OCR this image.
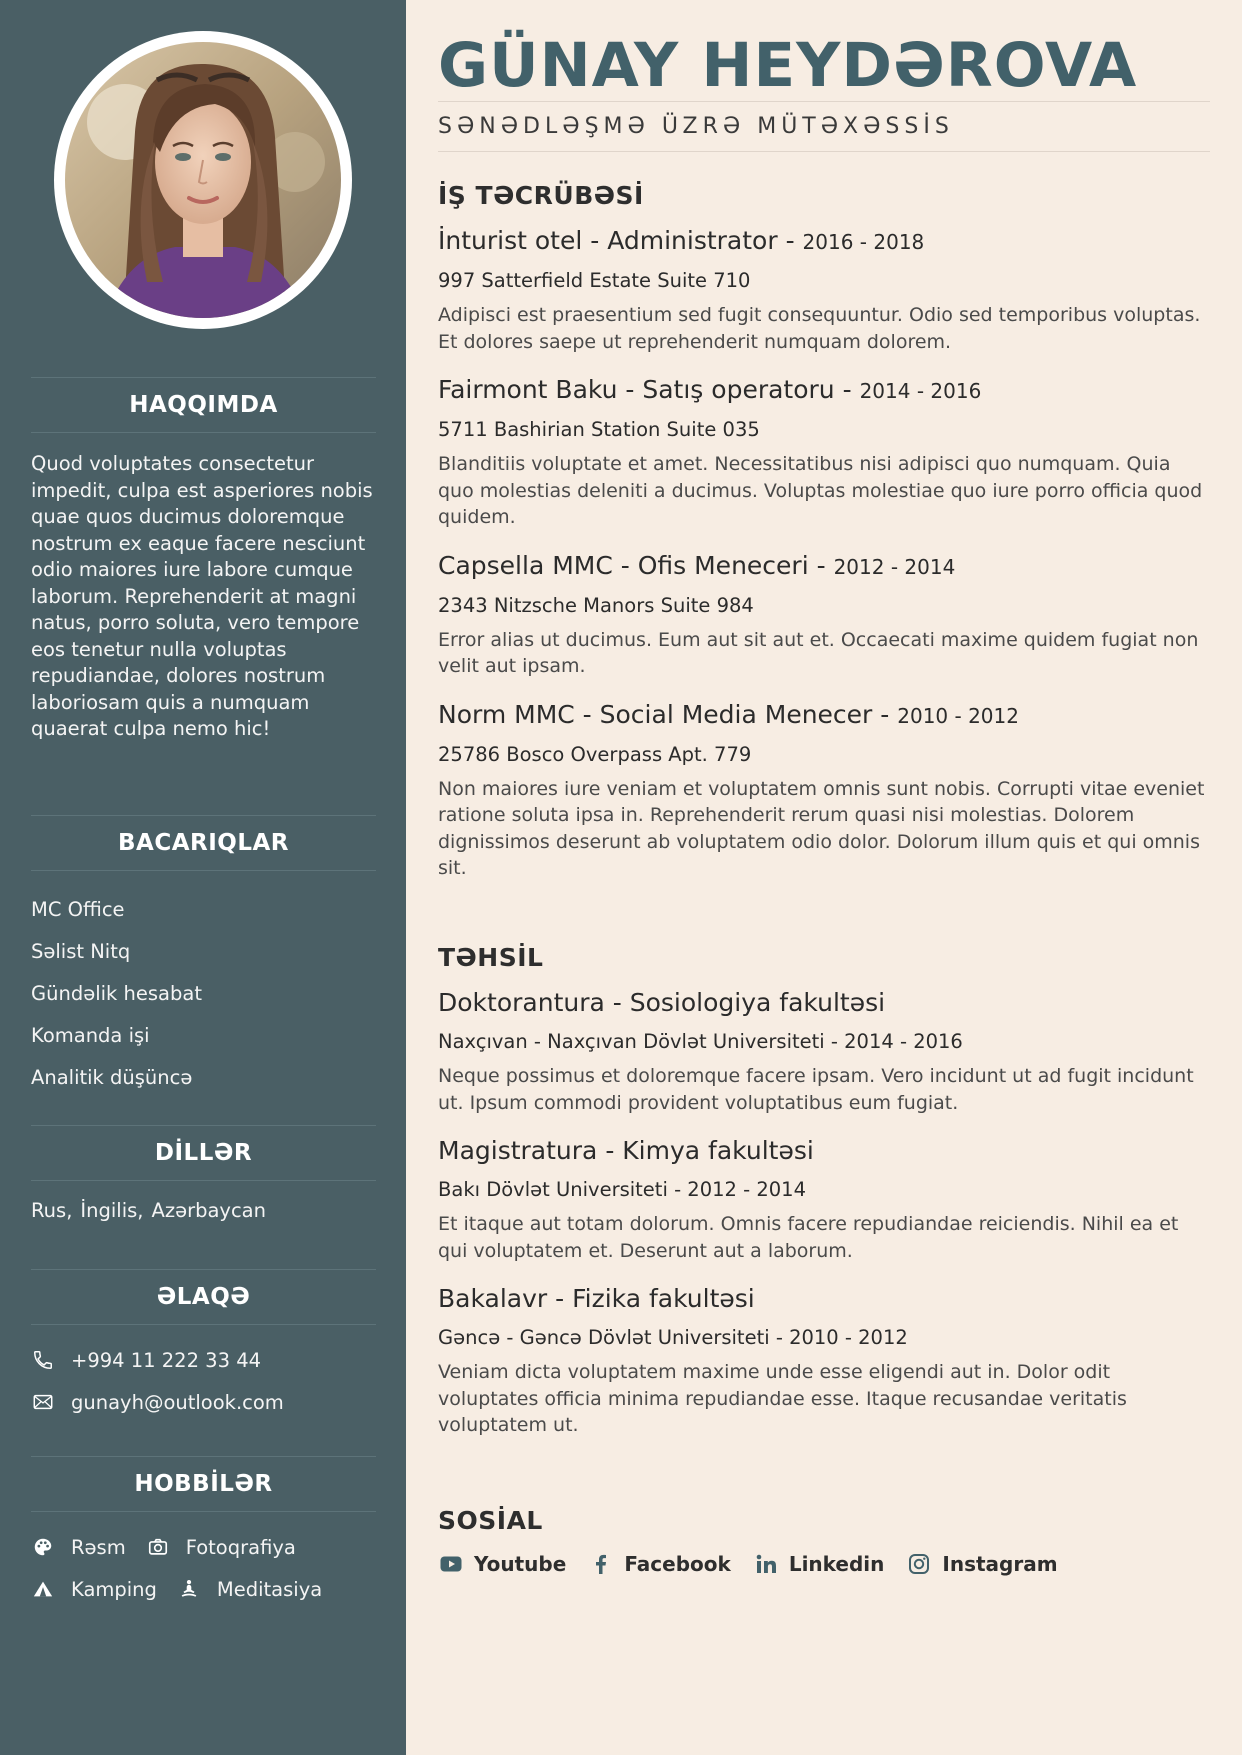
HAQQIMDA

Quod voluptates consectetur impedit, culpa est asperiores nobis quae quos ducimus doloremque nostrum ex eaque facere nesciunt odio maiores iure labore cumque laborum. Reprehenderit at magni natus, porro soluta, vero tempore eos tenetur nulla voluptas repudiandae, dolores nostrum laboriosam quis a numquam quaerat culpa nemo hic!

BACARIQLAR
MC Office
Səlist Nitq
Gündəlik hesabat
Komanda işi
Analitik düşüncə
DİLLƏR
Rus, İngilis, Azərbaycan
ƏLAQƏ
+994 11 222 33 44
gunayh@outlook.com
HOBBİLƏR
Rəsm	Fotoqrafiya
Kamping	Meditasiya
GÜNAY HEYDƏROVA
SƏNƏDLƏŞMƏ ÜZRƏ MÜTƏXƏSSİS
İŞ TƏCRÜBƏSİ
İnturist otel - Administrator - 2016 - 2018
997 Satterfield Estate Suite 710
Adipisci est praesentium sed fugit consequuntur. Odio sed temporibus voluptas. Et dolores saepe ut reprehenderit numquam dolorem.
Fairmont Baku - Satış operatoru - 2014 - 2016
5711 Bashirian Station Suite 035
Blanditiis voluptate et amet. Necessitatibus nisi adipisci quo numquam. Quia quo molestias deleniti a ducimus. Voluptas molestiae quo iure porro officia quod quidem.
Capsella MMC - Ofis Meneceri - 2012 - 2014
2343 Nitzsche Manors Suite 984
Error alias ut ducimus. Eum aut sit aut et. Occaecati maxime quidem fugiat non velit aut ipsam.
Norm MMC - Social Media Menecer - 2010 - 2012
25786 Bosco Overpass Apt. 779
Non maiores iure veniam et voluptatem omnis sunt nobis. Corrupti vitae eveniet ratione soluta ipsa in. Reprehenderit rerum quasi nisi molestias. Dolorem dignissimos deserunt ab voluptatem odio dolor. Dolorum illum quis et qui omnis sit.
TƏHSİL
Doktorantura - Sosiologiya fakultəsi
Naxçıvan - Naxçıvan Dövlət Universiteti - 2014 - 2016
Neque possimus et doloremque facere ipsam. Vero incidunt ut ad fugit incidunt ut. Ipsum commodi provident voluptatibus eum fugiat.
Magistratura - Kimya fakultəsi
Bakı Dövlət Universiteti - 2012 - 2014
Et itaque aut totam dolorum. Omnis facere repudiandae reiciendis. Nihil ea et qui voluptatem et. Deserunt aut a laborum.
Bakalavr - Fizika fakultəsi
Gəncə - Gəncə Dövlət Universiteti - 2010 - 2012
Veniam dicta voluptatem maxime unde esse eligendi aut in. Dolor odit voluptates officia minima repudiandae esse. Itaque recusandae veritatis voluptatem ut.
SOSİAL
Youtube	Facebook	Linkedin	Instagram
